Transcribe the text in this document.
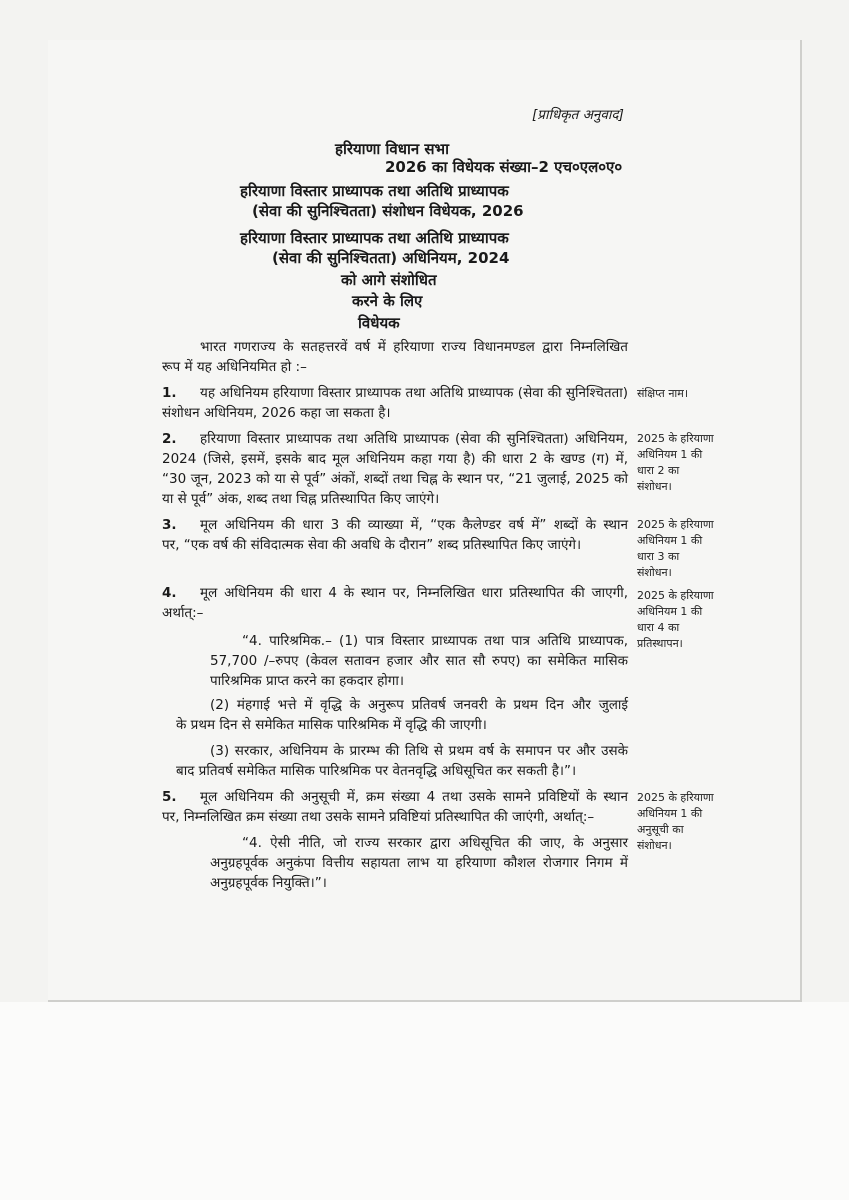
[प्राधिकृत अनुवाद]
हरियाणा विधान सभा
2026 का विधेयक संख्या–2 एच०एल०ए०
हरियाणा विस्तार प्राध्यापक तथा अतिथि प्राध्यापक
(सेवा की सुनिश्चितता) संशोधन विधेयक, 2026
हरियाणा विस्तार प्राध्यापक तथा अतिथि प्राध्यापक
(सेवा की सुनिश्चितता) अधिनियम, 2024
को आगे संशोधित
करने के लिए
विधेयक
भारत गणराज्य के सतहत्तरवें वर्ष में हरियाणा राज्य विधानमण्डल द्वारा निम्नलिखित
रूप में यह अधिनियमित हो :–
1. यह अधिनियम हरियाणा विस्तार प्राध्यापक तथा अतिथि प्राध्यापक (सेवा की सुनिश्चितता)
संशोधन अधिनियम, 2026 कहा जा सकता है।
संक्षिप्त नाम।
2. हरियाणा विस्तार प्राध्यापक तथा अतिथि प्राध्यापक (सेवा की सुनिश्चितता) अधिनियम,
2024 (जिसे, इसमें, इसके बाद मूल अधिनियम कहा गया है) की धारा 2 के खण्ड (ग) में,
“30 जून, 2023 को या से पूर्व” अंकों, शब्दों तथा चिह्न के स्थान पर, “21 जुलाई, 2025 को
या से पूर्व” अंक, शब्द तथा चिह्न प्रतिस्थापित किए जाएंगे।
2025 के हरियाणा
अधिनियम 1 की
धारा 2 का
संशोधन।
3. मूल अधिनियम की धारा 3 की व्याख्या में, “एक कैलेण्डर वर्ष में” शब्दों के स्थान
पर, “एक वर्ष की संविदात्मक सेवा की अवधि के दौरान” शब्द प्रतिस्थापित किए जाएंगे।
2025 के हरियाणा
अधिनियम 1 की
धारा 3 का
संशोधन।
4. मूल अधिनियम की धारा 4 के स्थान पर, निम्नलिखित धारा प्रतिस्थापित की जाएगी,
अर्थात्:–
2025 के हरियाणा
अधिनियम 1 की
धारा 4 का
प्रतिस्थापन।
“4. पारिश्रमिक.– (1) पात्र विस्तार प्राध्यापक तथा पात्र अतिथि प्राध्यापक,
57,700 /–रुपए (केवल सतावन हजार और सात सौ रुपए) का समेकित मासिक
पारिश्रमिक प्राप्त करने का हकदार होगा।
(2) मंहगाई भत्ते में वृद्धि के अनुरूप प्रतिवर्ष जनवरी के प्रथम दिन और जुलाई
के प्रथम दिन से समेकित मासिक पारिश्रमिक में वृद्धि की जाएगी।
(3) सरकार, अधिनियम के प्रारम्भ की तिथि से प्रथम वर्ष के समापन पर और उसके
बाद प्रतिवर्ष समेकित मासिक पारिश्रमिक पर वेतनवृद्धि अधिसूचित कर सकती है।”।
5. मूल अधिनियम की अनुसूची में, क्रम संख्या 4 तथा उसके सामने प्रविष्टियों के स्थान
पर, निम्नलिखित क्रम संख्या तथा उसके सामने प्रविष्टियां प्रतिस्थापित की जाएंगी, अर्थात्:–
2025 के हरियाणा
अधिनियम 1 की
अनुसूची का
संशोधन।
“4. ऐसी नीति, जो राज्य सरकार द्वारा अधिसूचित की जाए, के अनुसार
अनुग्रहपूर्वक अनुकंपा वित्तीय सहायता लाभ या हरियाणा कौशल रोजगार निगम में
अनुग्रहपूर्वक नियुक्ति।”।
